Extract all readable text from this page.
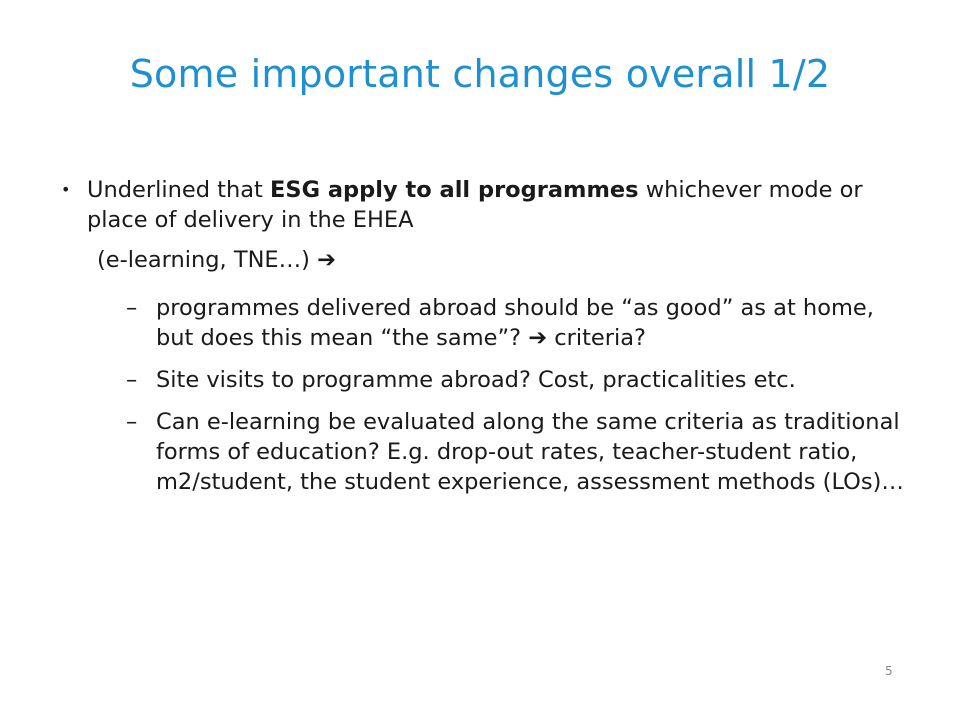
Some important changes overall 1/2
• Underlined that ESG apply to all programmes whichever mode or place of delivery in the EHEA
(e-learning, TNE…) ➔
– programmes delivered abroad should be “as good” as at home, but does this mean “the same”? ➔ criteria?
– Site visits to programme abroad? Cost, practicalities etc.
– Can e-learning be evaluated along the same criteria as traditional forms of education? E.g. drop-out rates, teacher-student ratio, m2/student, the student experience, assessment methods (LOs)…
5
